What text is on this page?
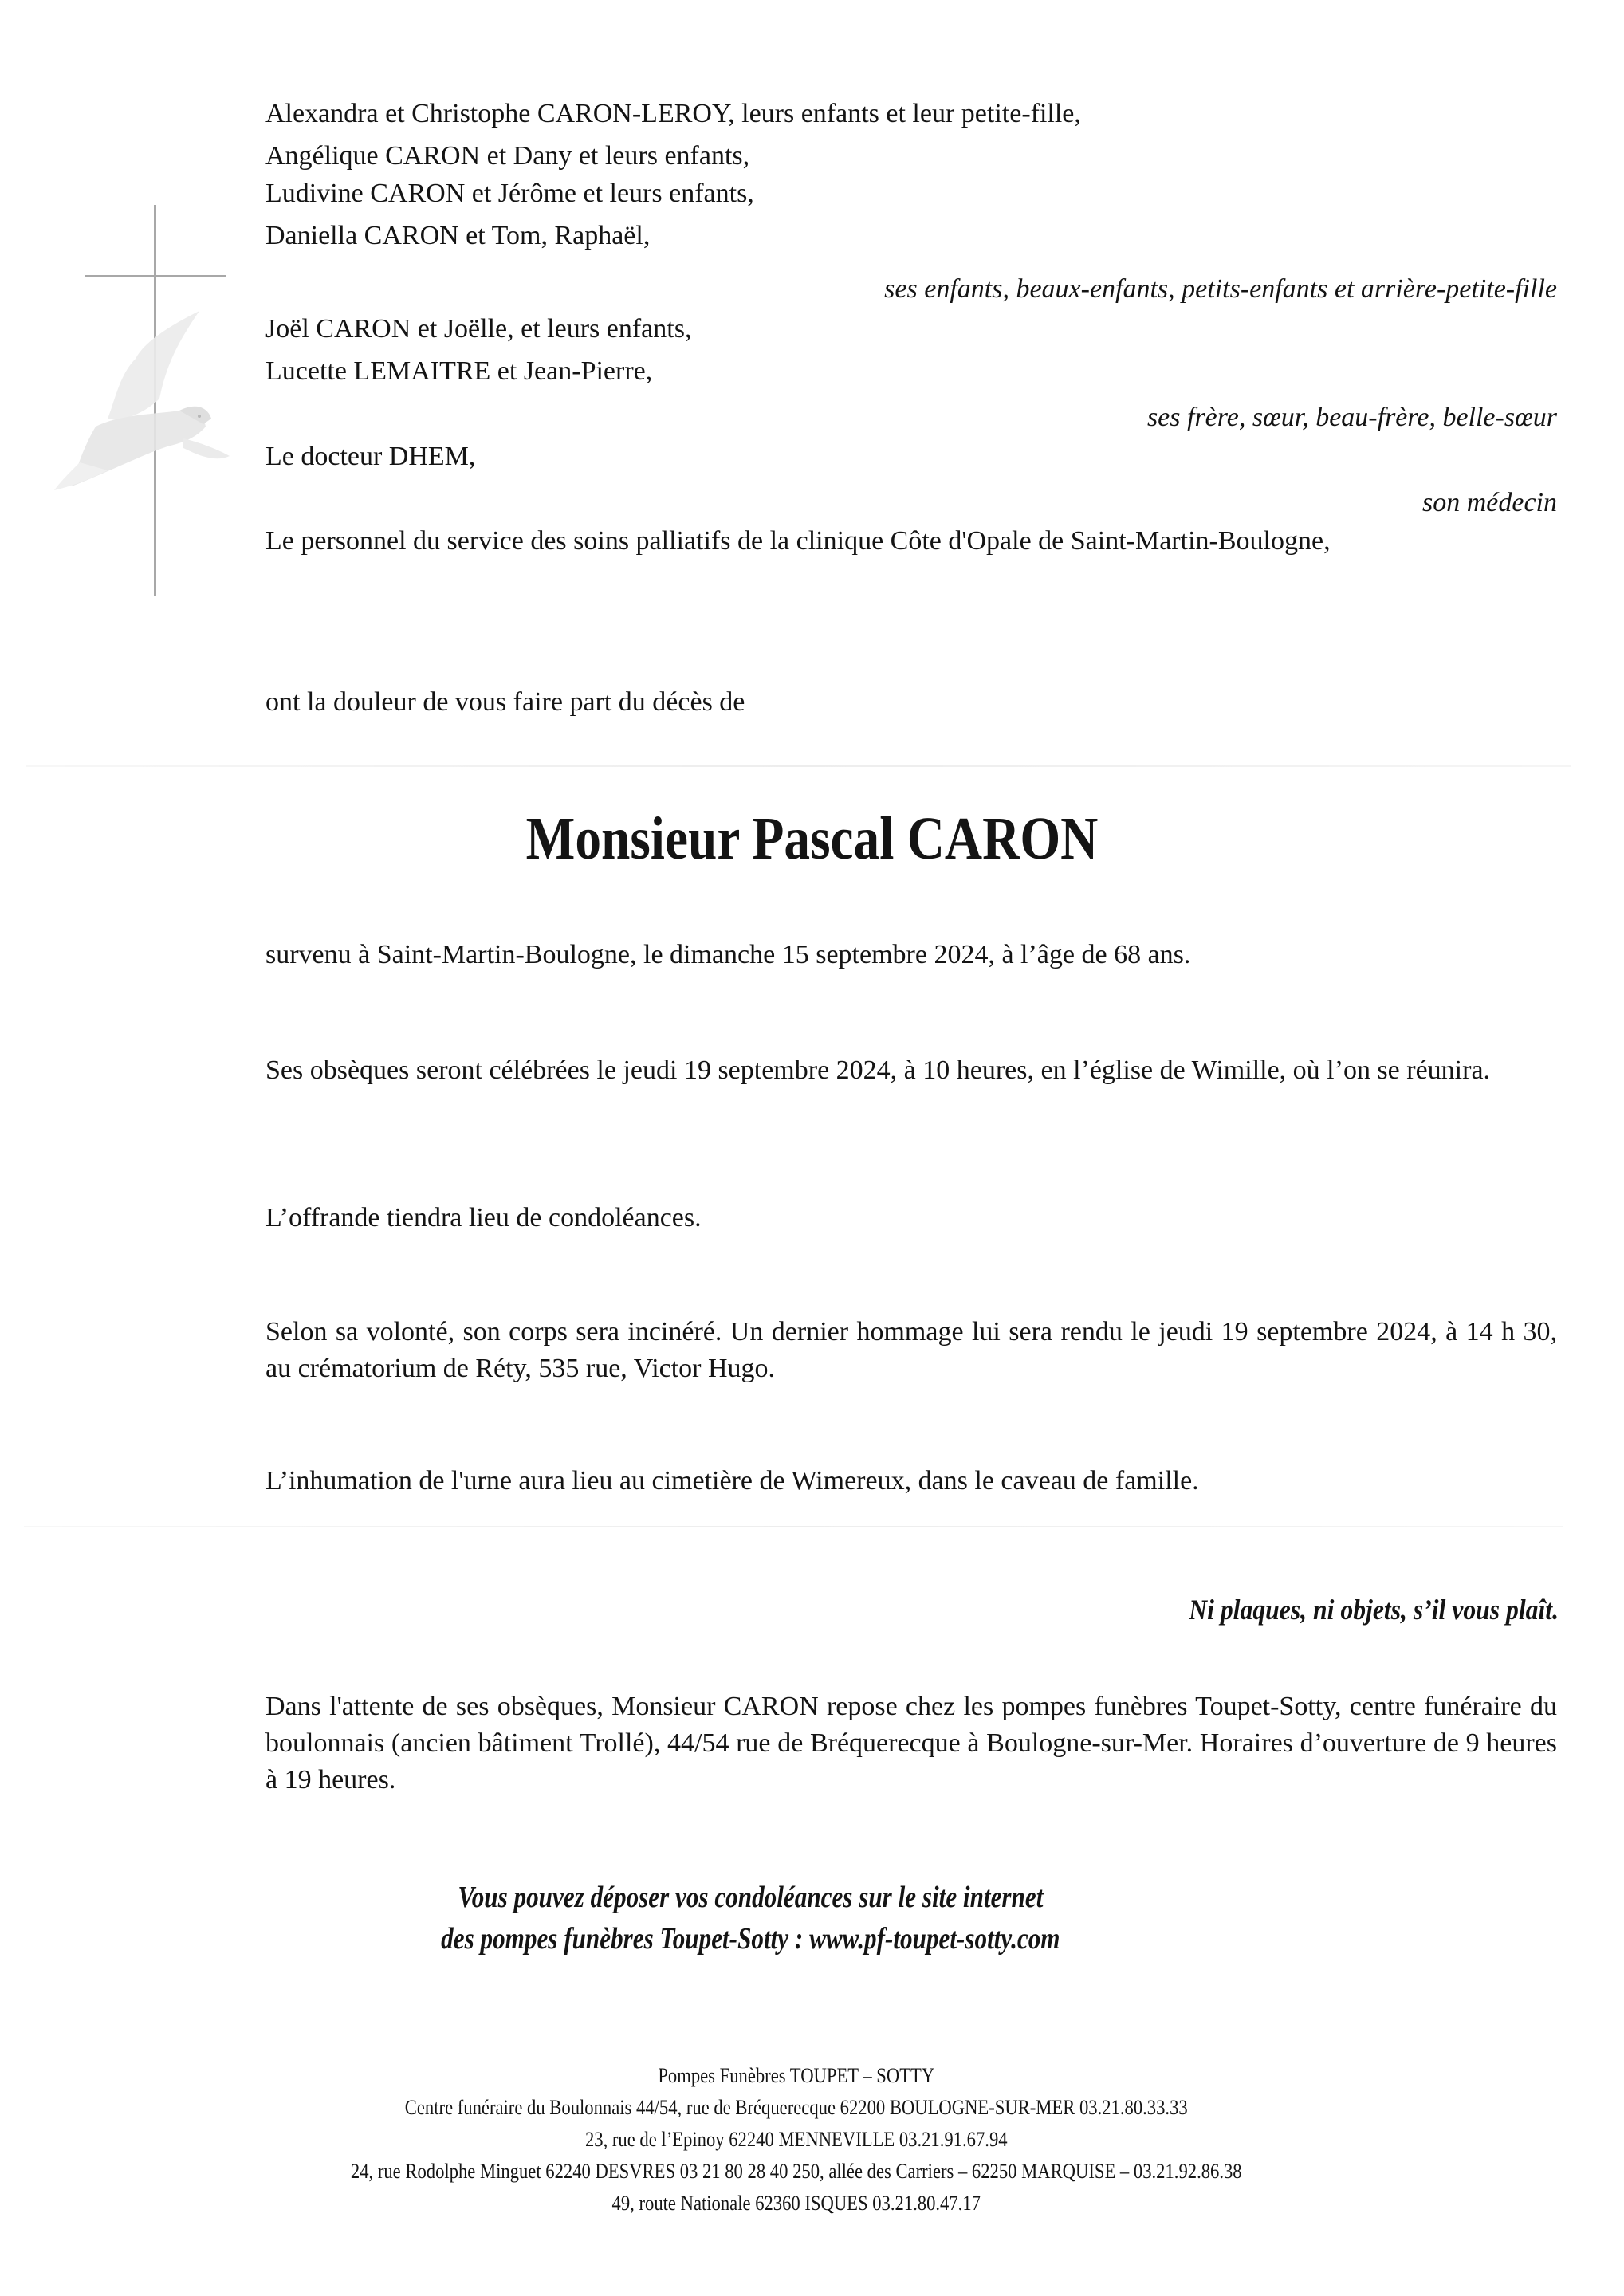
Alexandra et Christophe CARON-LEROY, leurs enfants et leur petite-fille,
Angélique CARON et Dany et leurs enfants,
Ludivine CARON et Jérôme et leurs enfants,
Daniella CARON et Tom, Raphaël,
ses enfants, beaux-enfants, petits-enfants et arrière-petite-fille
Joël CARON et Joëlle, et leurs enfants,
Lucette LEMAITRE et Jean-Pierre,
ses frère, sœur, beau-frère, belle-sœur
Le docteur DHEM,
son médecin
Le personnel du service des soins palliatifs de la clinique Côte d'Opale de Saint-Martin-Boulogne,
ont la douleur de vous faire part du décès de
Monsieur Pascal CARON
survenu à Saint-Martin-Boulogne, le dimanche 15 septembre 2024, à l’âge de 68 ans.
Ses obsèques seront célébrées le jeudi 19 septembre 2024, à 10 heures, en l’église de Wimille, où l’on se réunira.
L’offrande tiendra lieu de condoléances.
Selon sa volonté, son corps sera incinéré. Un dernier hommage lui sera rendu le jeudi 19 septembre 2024, à 14 h 30, au crématorium de Réty, 535 rue, Victor Hugo.
L’inhumation de l'urne aura lieu au cimetière de Wimereux, dans le caveau de famille.
Ni plaques, ni objets, s’il vous plaît.
Dans l'attente de ses obsèques, Monsieur CARON repose chez les pompes funèbres Toupet-Sotty, centre funéraire du boulonnais (ancien bâtiment Trollé), 44/54 rue de Bréquerecque à Boulogne-sur-Mer. Horaires d’ouverture de 9 heures à 19 heures.
Vous pouvez déposer vos condoléances sur le site internet
des pompes funèbres Toupet-Sotty : www.pf-toupet-sotty.com
Pompes Funèbres TOUPET – SOTTY
Centre funéraire du Boulonnais 44/54, rue de Bréquerecque 62200 BOULOGNE-SUR-MER 03.21.80.33.33
23, rue de l’Epinoy 62240 MENNEVILLE 03.21.91.67.94
24, rue Rodolphe Minguet 62240 DESVRES 03 21 80 28 40 250, allée des Carriers – 62250 MARQUISE – 03.21.92.86.38
49, route Nationale 62360 ISQUES 03.21.80.47.17
